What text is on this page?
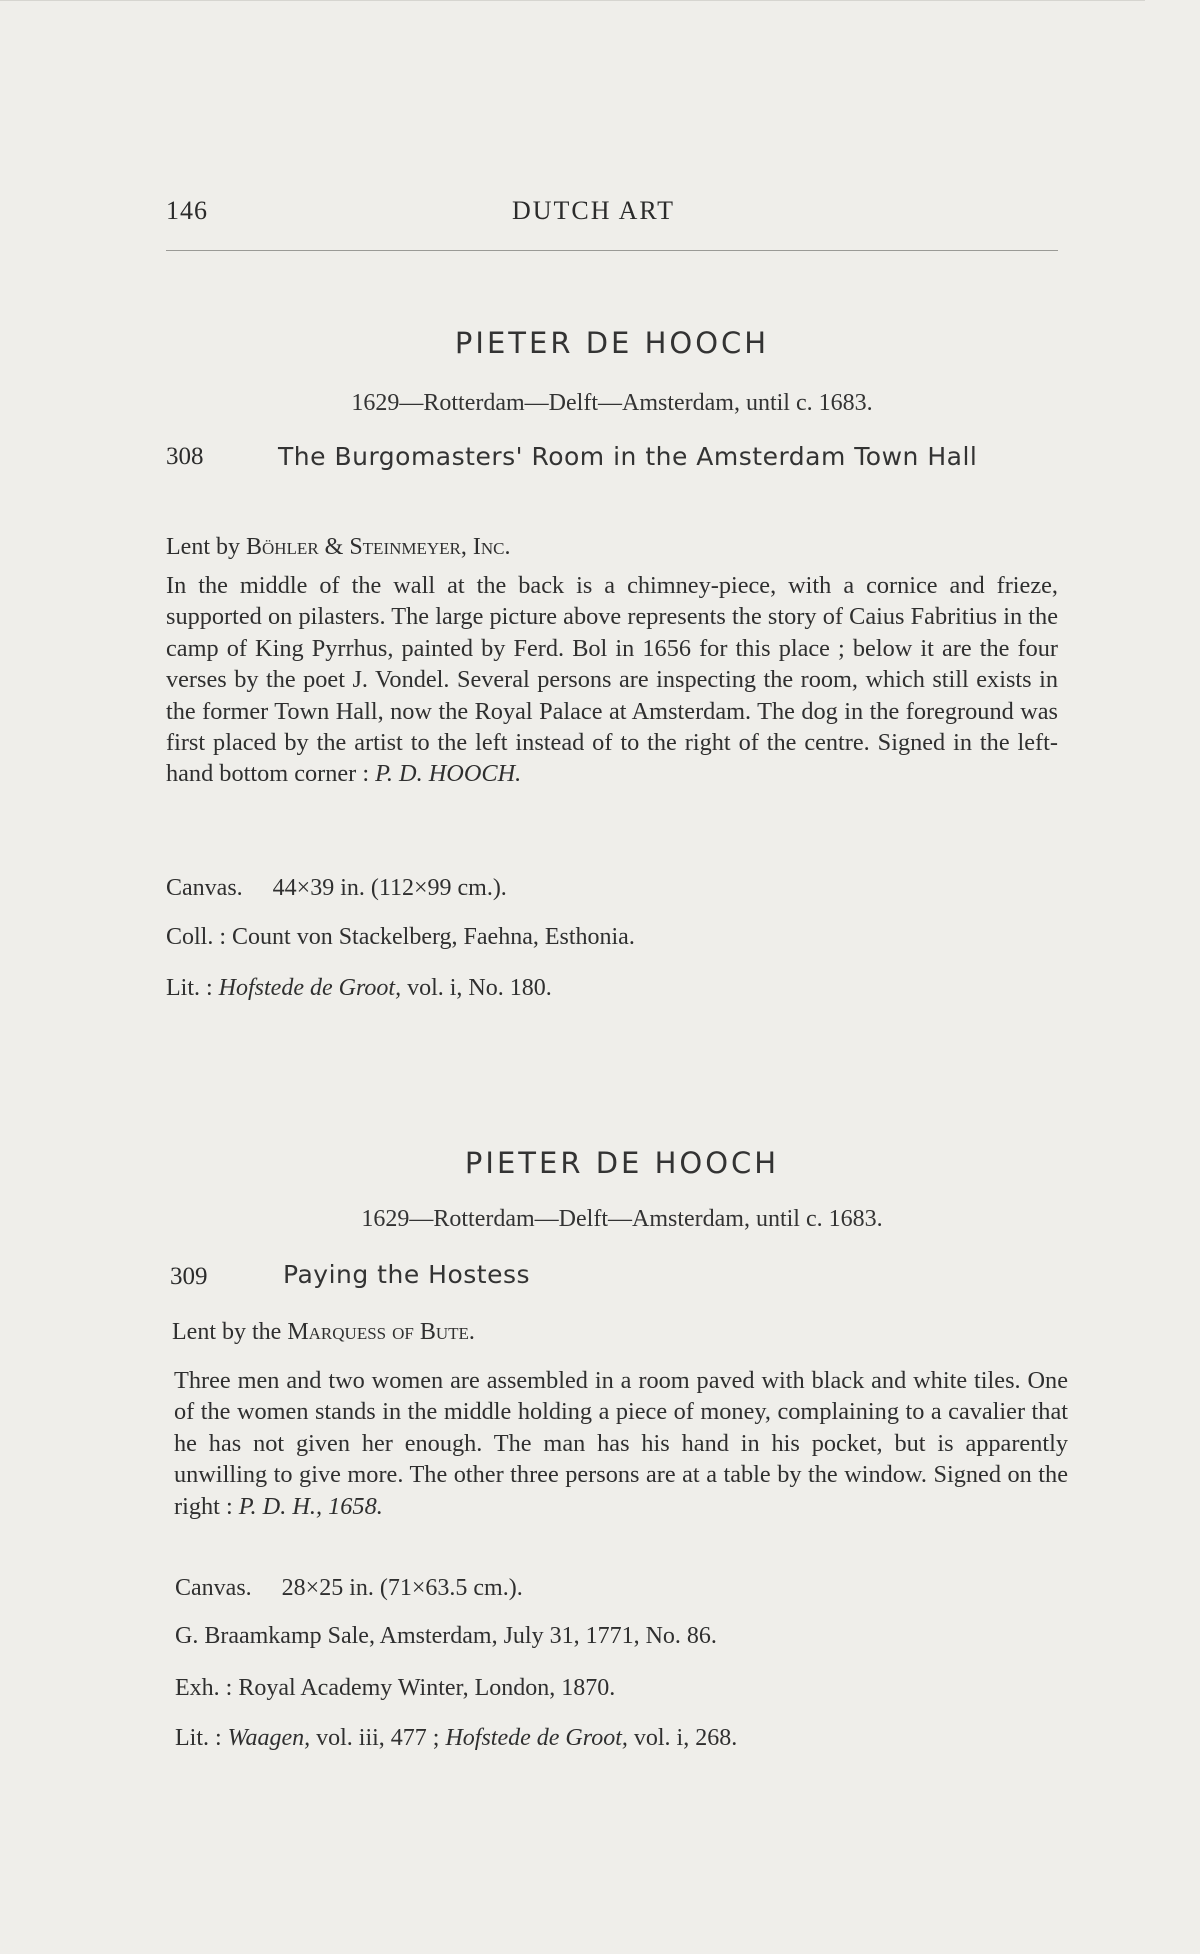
146	DUTCH ART
PIETER DE HOOCH
1629—Rotterdam—Delft—Amsterdam, until c. 1683.
308	The Burgomasters' Room in the Amsterdam Town Hall
Lent by Böhler & Steinmeyer, Inc.
In the middle of the wall at the back is a chimney-piece, with a cornice and frieze, supported on pilasters. The large picture above represents the story of Caius Fabritius in the camp of King Pyrrhus, painted by Ferd. Bol in 1656 for this place ; below it are the four verses by the poet J. Vondel. Several persons are inspecting the room, which still exists in the former Town Hall, now the Royal Palace at Amsterdam. The dog in the foreground was first placed by the artist to the left instead of to the right of the centre. Signed in the left-hand bottom corner : P. D. HOOCH.
Canvas. 44×39 in. (112×99 cm.).
Coll. : Count von Stackelberg, Faehna, Esthonia.
Lit. : Hofstede de Groot, vol. i, No. 180.
PIETER DE HOOCH
1629—Rotterdam—Delft—Amsterdam, until c. 1683.
309	Paying the Hostess
Lent by the Marquess of Bute.
Three men and two women are assembled in a room paved with black and white tiles. One of the women stands in the middle holding a piece of money, complaining to a cavalier that he has not given her enough. The man has his hand in his pocket, but is apparently unwilling to give more. The other three persons are at a table by the window. Signed on the right : P. D. H., 1658.
Canvas. 28×25 in. (71×63.5 cm.).
G. Braamkamp Sale, Amsterdam, July 31, 1771, No. 86.
Exh. : Royal Academy Winter, London, 1870.
Lit. : Waagen, vol. iii, 477 ; Hofstede de Groot, vol. i, 268.
